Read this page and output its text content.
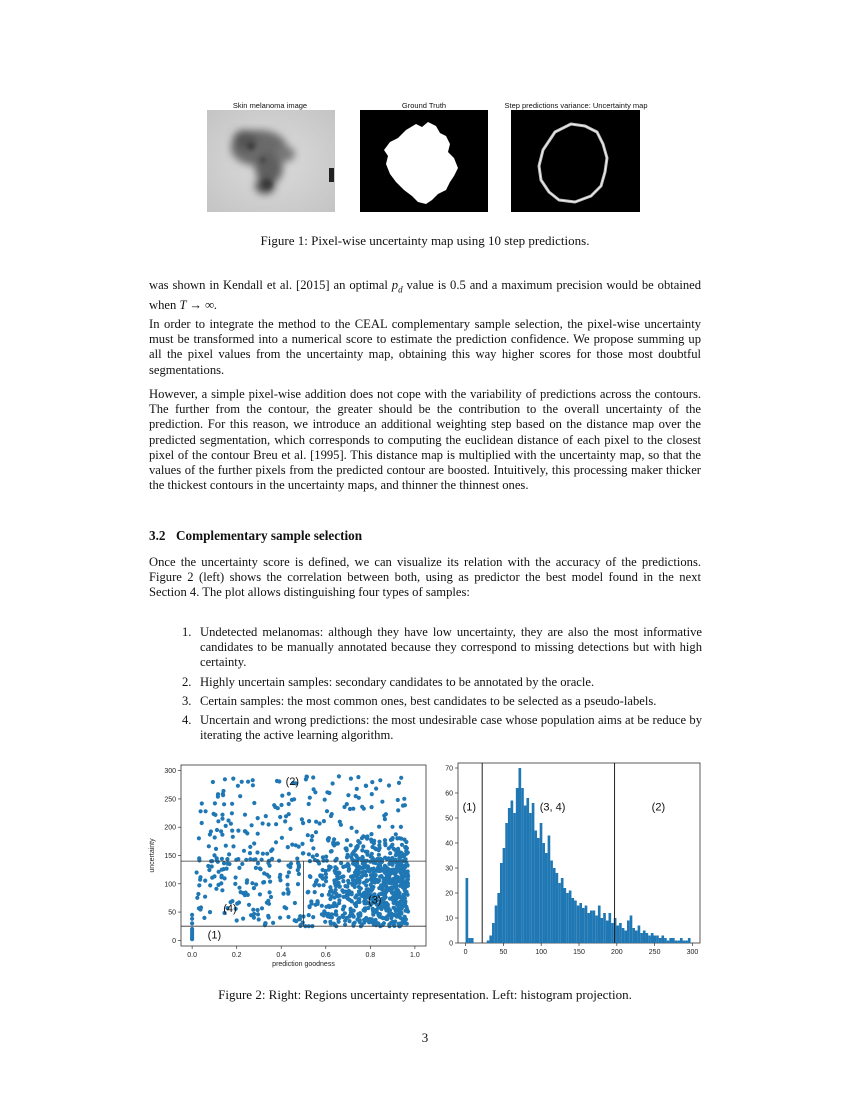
Skin melanoma image	Ground Truth	Step predictions variance: Uncertainty map
Figure 1: Pixel-wise uncertainty map using 10 step predictions.

was shown in Kendall et al. [2015] an optimal $p_d$ value is 0.5 and a maximum precision would be obtained when T → ∞.

In order to integrate the method to the CEAL complementary sample selection, the pixel-wise uncertainty must be transformed into a numerical score to estimate the prediction confidence. We propose summing up all the pixel values from the uncertainty map, obtaining this way higher scores for those most doubtful segmentations.

However, a simple pixel-wise addition does not cope with the variability of predictions across the contours. The further from the contour, the greater should be the contribution to the overall uncertainty of the prediction. For this reason, we introduce an additional weighting step based on the distance map over the predicted segmentation, which corresponds to computing the euclidean distance of each pixel to the closest pixel of the contour Breu et al. [1995]. This distance map is multiplied with the uncertainty map, so that the values of the further pixels from the predicted contour are boosted. Intuitively, this processing maker thicker the thickest contours in the uncertainty maps, and thinner the thinnest ones.

3.2 Complementary sample selection

Once the uncertainty score is defined, we can visualize its relation with the accuracy of the predictions. Figure 2 (left) shows the correlation between both, using as predictor the best model found in the next Section 4. The plot allows distinguishing four types of samples:

1. Undetected melanomas: although they have low uncertainty, they are also the most informative candidates to be manually annotated because they correspond to missing detections but with high certainty.
2. Highly uncertain samples: secondary candidates to be annotated by the oracle.
3. Certain samples: the most common ones, best candidates to be selected as a pseudo-labels.
4. Uncertain and wrong predictions: the most undesirable case whose population aims at be reduce by iterating the active learning algorithm.
0.0	0.2	0.4	0.6	0.8	1.0
0
50
100
150
200
250
300
prediction goodness
uncertainty
(2)
(3)
(4)
(1)
0	50	100	150	200	250	300
0
10
20
30
40
50
60
70
(1)	(3, 4)	(2)
Figure 2: Right: Regions uncertainty representation. Left: histogram projection.
3
